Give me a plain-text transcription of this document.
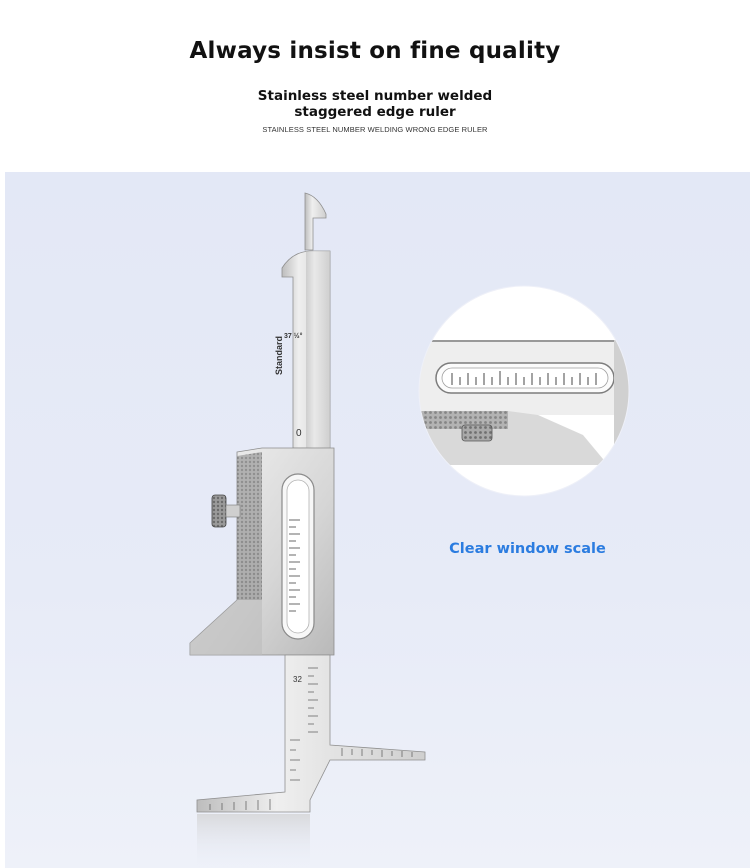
Always insist on fine quality
Stainless steel number welded
staggered edge ruler
STAINLESS STEEL NUMBER WELDING WRONG EDGE RULER
37 ½°
Standard
0
32
Clear window scale
